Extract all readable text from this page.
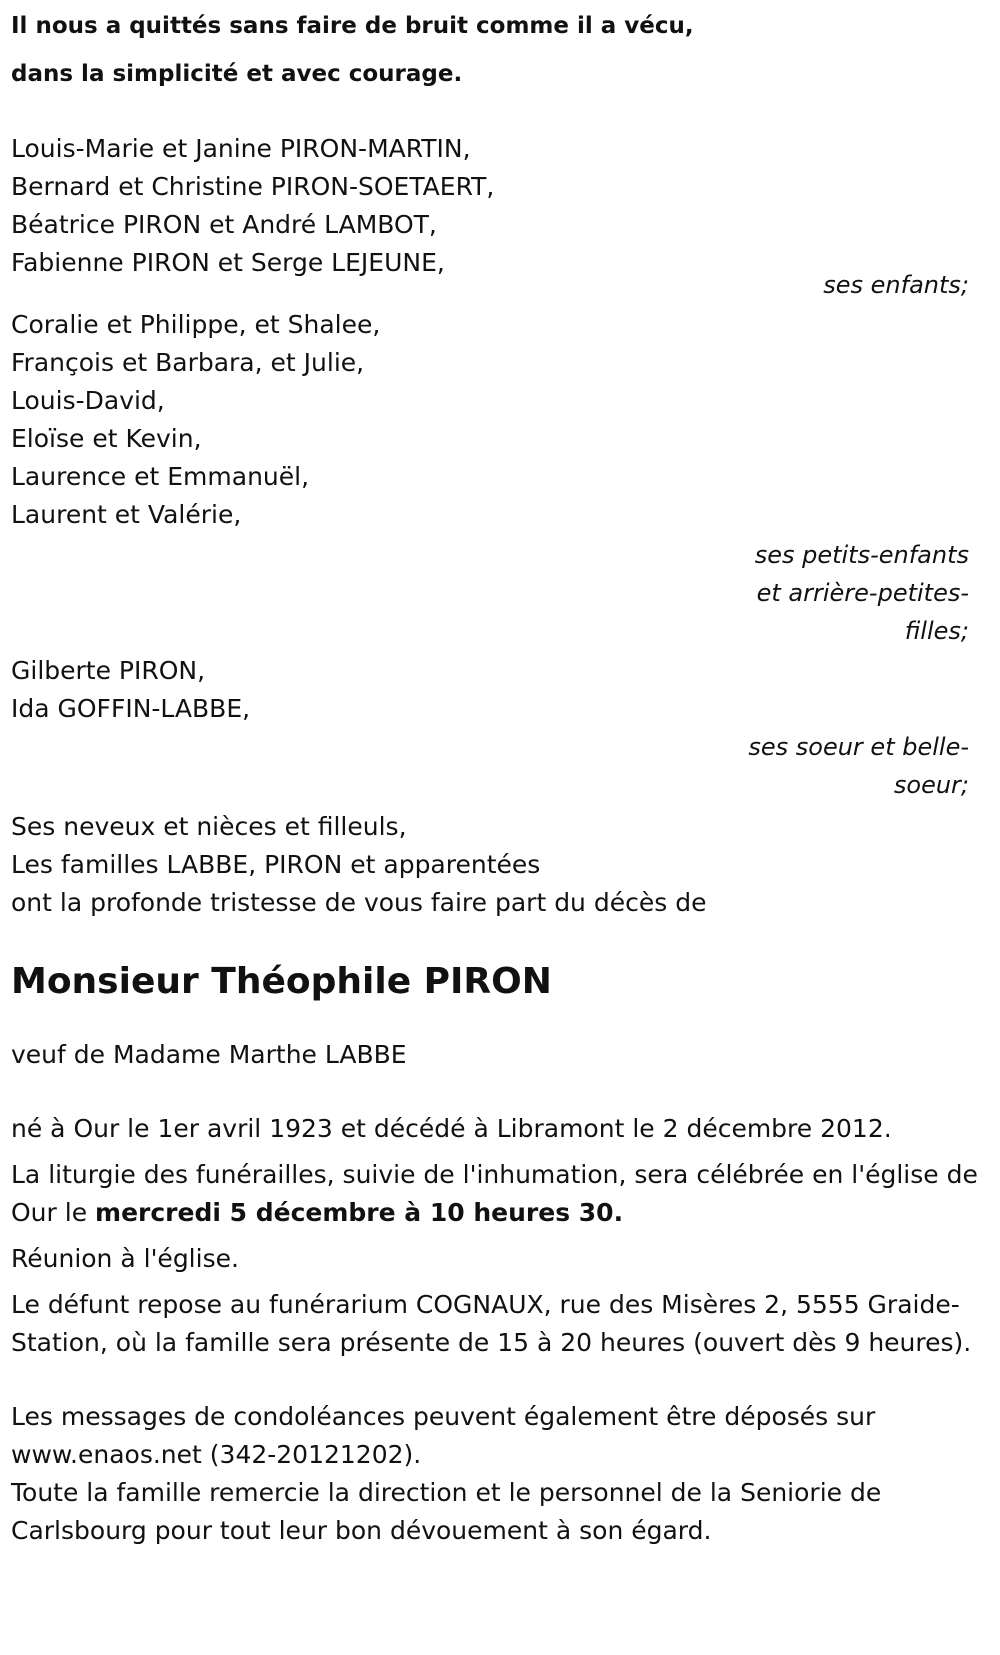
Il nous a quittés sans faire de bruit comme il a vécu,
dans la simplicité et avec courage.
Louis-Marie et Janine PIRON-MARTIN,
Bernard et Christine PIRON-SOETAERT,
Béatrice PIRON et André LAMBOT,
Fabienne PIRON et Serge LEJEUNE,
ses enfants;
Coralie et Philippe, et Shalee,
François et Barbara, et Julie,
Louis-David,
Eloïse et Kevin,
Laurence et Emmanuël,
Laurent et Valérie,
ses petits-enfants
et arrière-petites-
filles;
Gilberte PIRON,
Ida GOFFIN-LABBE,
ses soeur et belle-
soeur;
Ses neveux et nièces et filleuls,
Les familles LABBE, PIRON et apparentées
ont la profonde tristesse de vous faire part du décès de
Monsieur Théophile PIRON
veuf de Madame Marthe LABBE
né à Our le 1er avril 1923 et décédé à Libramont le 2 décembre 2012.
La liturgie des funérailles, suivie de l'inhumation, sera célébrée en l'église de Our le mercredi 5 décembre à 10 heures 30.
Réunion à l'église.
Le défunt repose au funérarium COGNAUX, rue des Misères 2, 5555 Graide-Station, où la famille sera présente de 15 à 20 heures (ouvert dès 9 heures).
Les messages de condoléances peuvent également être déposés sur www.enaos.net (342-20121202).
Toute la famille remercie la direction et le personnel de la Seniorie de Carlsbourg pour tout leur bon dévouement à son égard.
